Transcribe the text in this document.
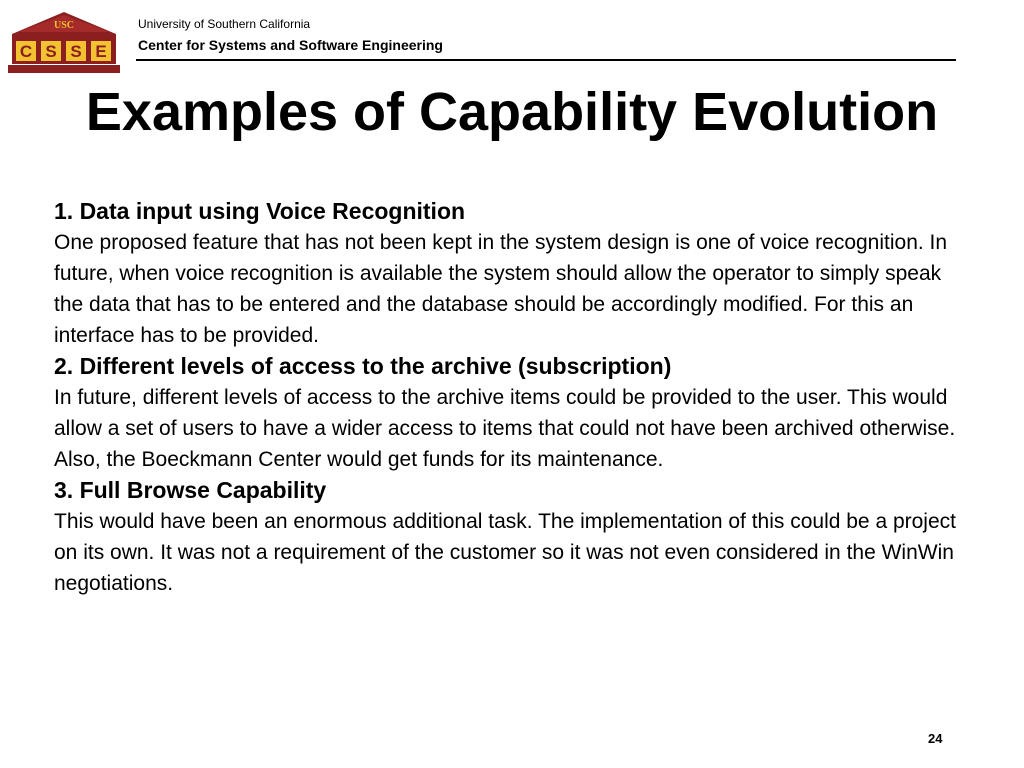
USC
C S S E
University of Southern California
Center for Systems and Software Engineering
Examples of Capability Evolution

1. Data input using Voice Recognition

One proposed feature that has not been kept in the system design is one of voice recognition. In future, when voice recognition is available the system should allow the operator to simply speak the data that has to be entered and the database should be accordingly modified. For this an interface has to be provided.

2. Different levels of access to the archive (subscription)

In future, different levels of access to the archive items could be provided to the user. This would allow a set of users to have a wider access to items that could not have been archived otherwise. Also, the Boeckmann Center would get funds for its maintenance.

3. Full Browse Capability

This would have been an enormous additional task. The implementation of this could be a project on its own. It was not a requirement of the customer so it was not even considered in the WinWin negotiations.

24
